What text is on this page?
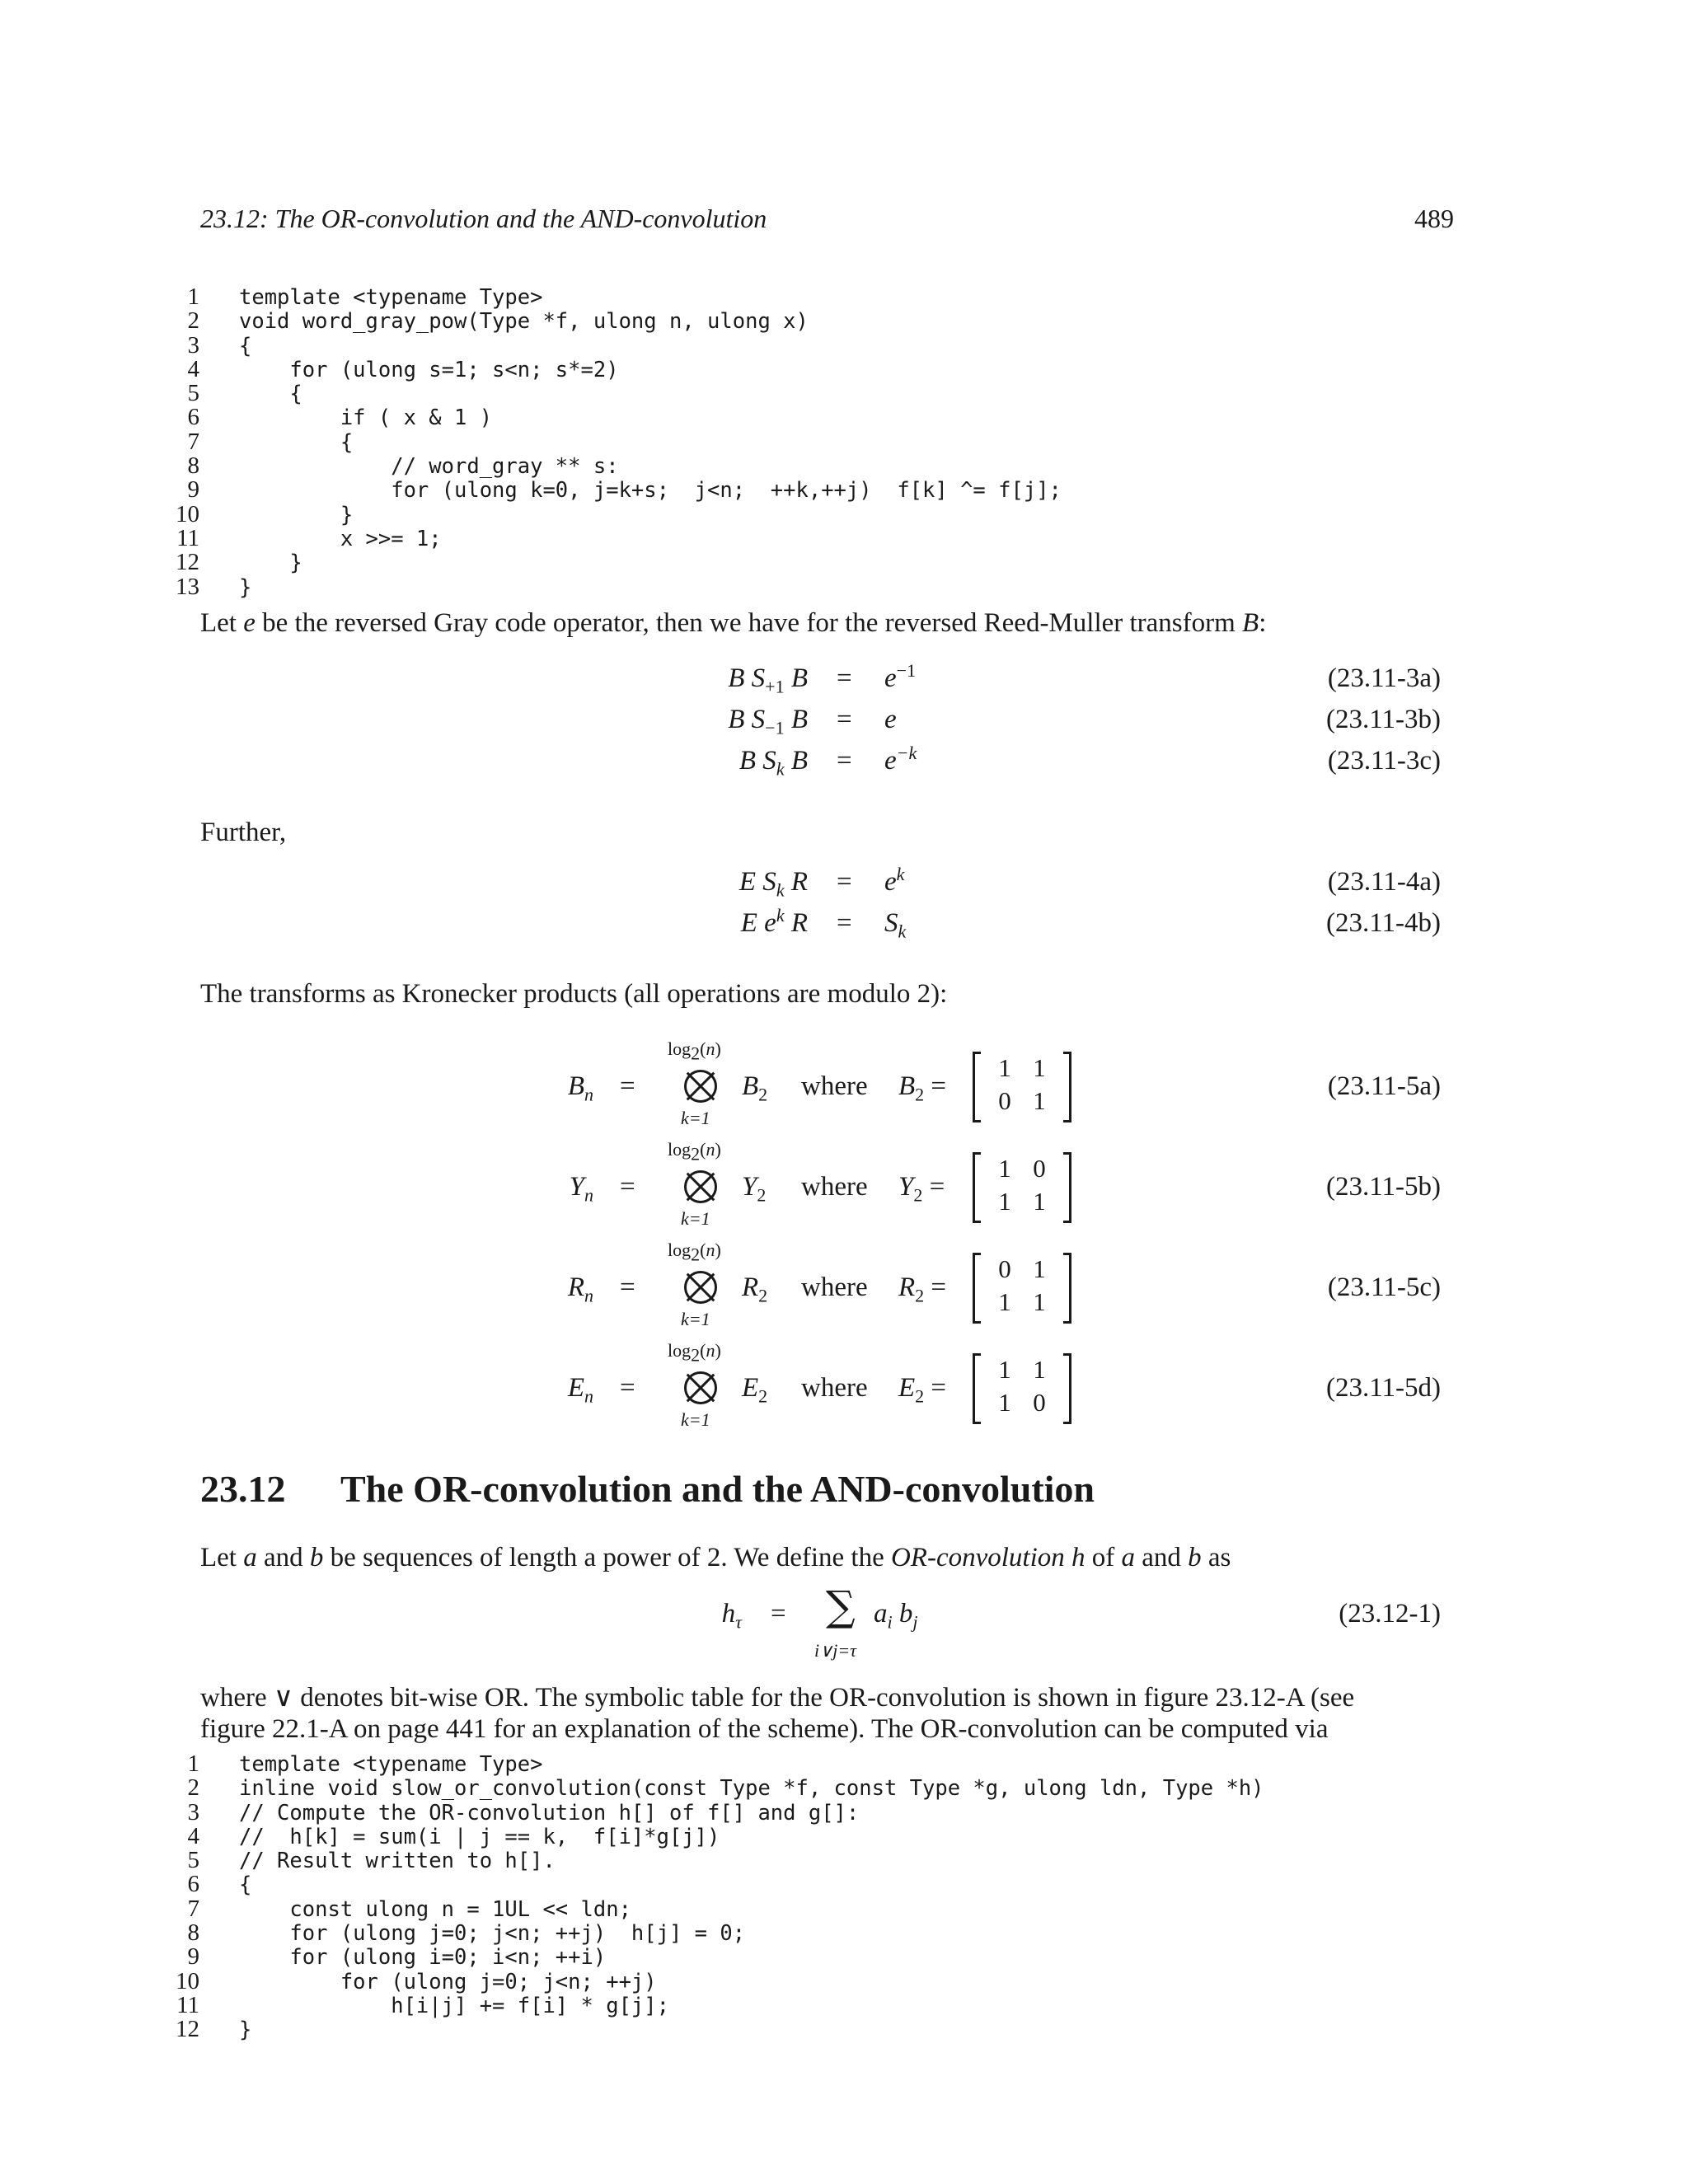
23.12: The OR-convolution and the AND-convolution	489
1 template <typename Type>
2 void word_gray_pow(Type *f, ulong n, ulong x)
3 {
4    for (ulong s=1; s<n; s*=2)
5    {
6        if ( x & 1 )
7        {
8            // word_gray ** s:
9            for (ulong k=0, j=k+s;  j<n;  ++k,++j)  f[k] ^= f[j];
10        }
11        x >>= 1;
12    }
13 }
Let e be the reversed Gray code operator, then we have for the reversed Reed-Muller transform B:
B $S_{+1}$ $B = e^{-1}$	(23.11-3a)
B $S_{-1}$ B = e	(23.11-3b)
B $S_k$ $B = e^{-k}$	(23.11-3c)
Further,
E $S_k$ $R = e^k$	(23.11-4a)
E $e^k$ $R = S_k$	(23.11-4b)
The transforms as Kronecker products (all operations are modulo 2):
$B_n$ =
$\log_2(n)$
k=1
$B_2$ where $B_2$ =
1 1
0 1	(23.11-5a)
$Y_n$ =
$\log_2(n)$
k=1
$Y_2$ where $Y_2$ =
1 0
1 1	(23.11-5b)
$R_n$ =
$\log_2(n)$
k=1
$R_2$ where $R_2$ =
0 1
1 1	(23.11-5c)
$E_n$ =
$\log_2(n)$
k=1
$E_2$ where $E_2$ =
1 1
1 0	(23.11-5d)
23.12 The OR-convolution and the AND-convolution
Let a and b be sequences of length a power of 2. We define the OR-convolution h of a and b as
$h_\tau$ = ∑
i∨j=τ
$a_i$ $b_j$	(23.12-1)
where ∨ denotes bit-wise OR. The symbolic table for the OR-convolution is shown in figure 23.12-A (see
figure 22.1-A on page 441 for an explanation of the scheme). The OR-convolution can be computed via
1 template <typename Type>
2 inline void slow_or_convolution(const Type *f, const Type *g, ulong ldn, Type *h)
3 // Compute the OR-convolution h[] of f[] and g[]:
4 //  h[k] = sum(i | j == k,  f[i]*g[j])
5 // Result written to h[].
6 {
7    const ulong n = 1UL << ldn;
8    for (ulong j=0; j<n; ++j)  h[j] = 0;
9    for (ulong i=0; i<n; ++i)
10        for (ulong j=0; j<n; ++j)
11            h[i|j] += f[i] * g[j];
12 }
